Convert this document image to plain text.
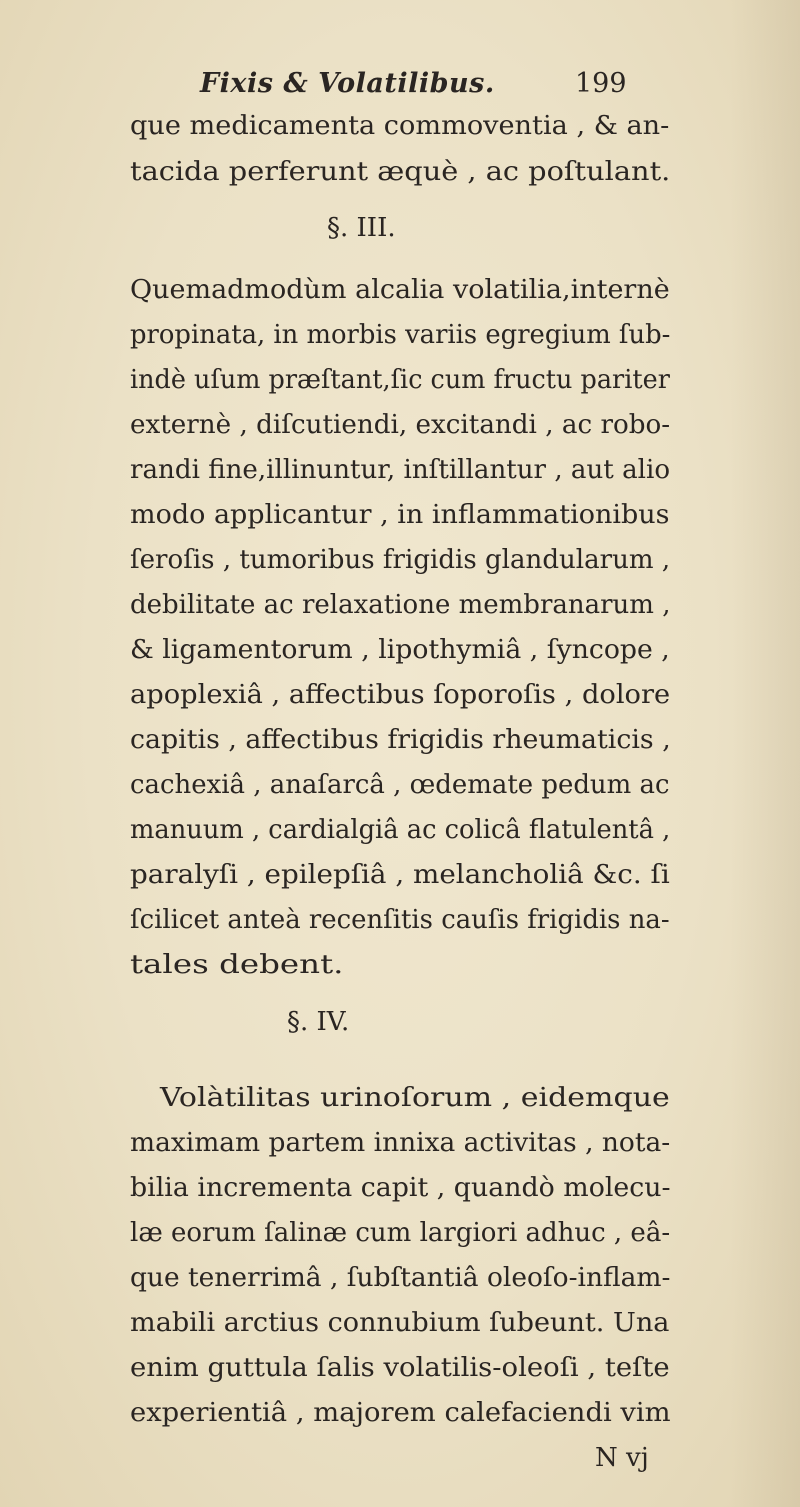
Fixis & Volatilibus.	199
que medicamenta commoventia , & an-
tacida perferunt æquè , ac poſtulant.
§. III.
Quemadmodùm alcalia volatilia,internè
propinata, in morbis variis egregium ſub-
indè uſum præſtant,ſic cum fructu pariter
externè , diſcutiendi, excitandi , ac robo-
randi fine,illinuntur, inſtillantur , aut alio
modo applicantur , in inflammationibus
ſeroſis , tumoribus frigidis glandularum ,
debilitate ac relaxatione membranarum ,
& ligamentorum , lipothymiâ , ſyncope ,
apoplexiâ , affectibus ſoporoſis , dolore
capitis , affectibus frigidis rheumaticis ,
cachexiâ , anaſarcâ , œdemate pedum ac
manuum , cardialgiâ ac colicâ flatulentâ ,
paralyſi , epilepſiâ , melancholiâ &c. ſi
ſcilicet anteà recenſitis cauſis frigidis na-
tales debent.
§. IV.
Volàtilitas urinoſorum , eidemque
maximam partem innixa activitas , nota-
bilia incrementa capit , quandò molecu-
læ eorum ſalinæ cum largiori adhuc , eâ-
que tenerrimâ , ſubſtantiâ oleoſo-inflam-
mabili arctius connubium ſubeunt. Una
enim guttula ſalis volatilis-oleoſi , teſte
experientiâ , majorem calefaciendi vim
N vj
